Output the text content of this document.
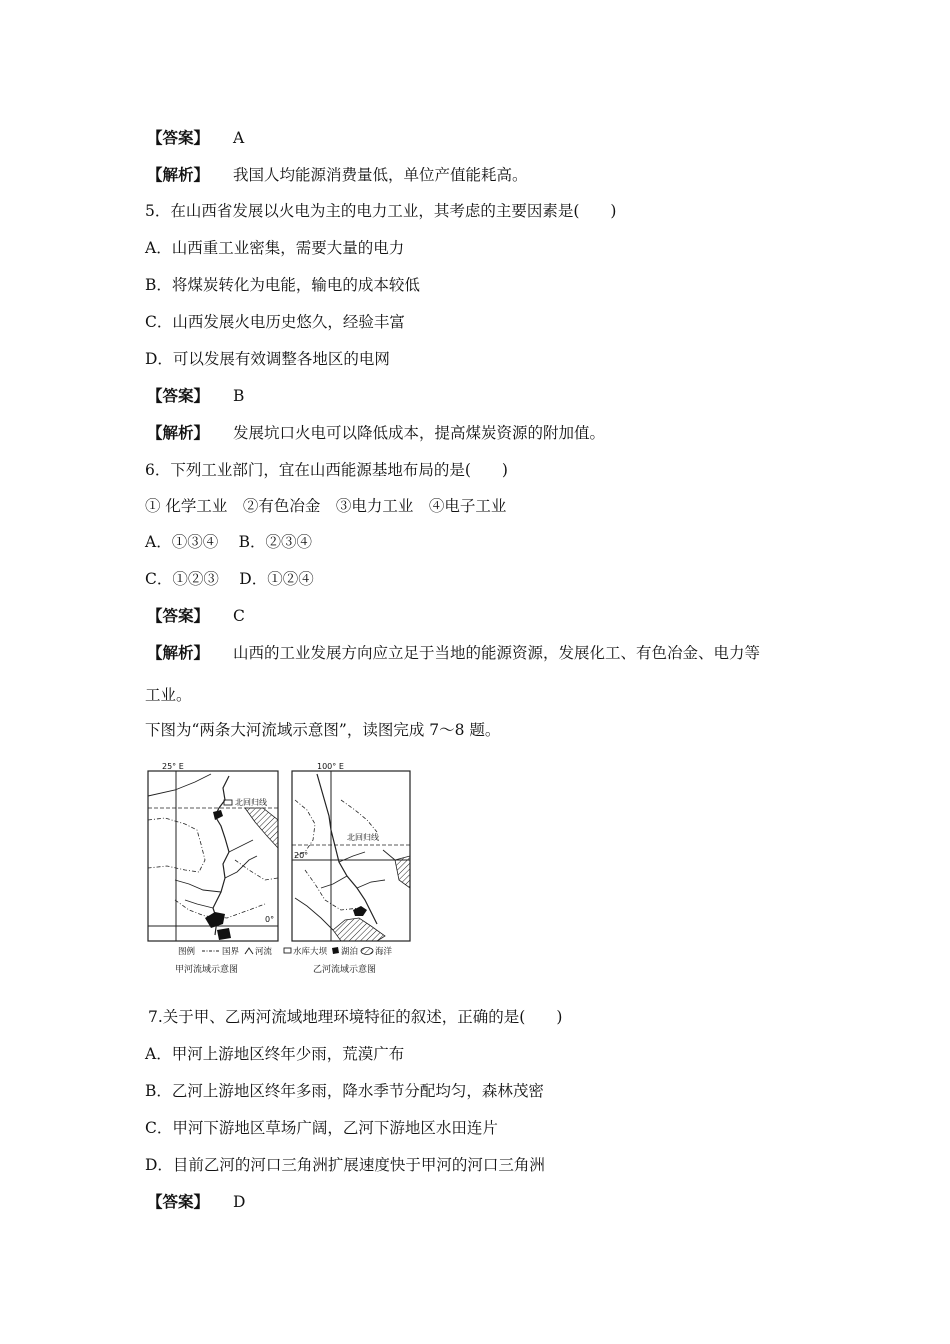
【答案】 A
【解析】 我国人均能源消费量低，单位产值能耗高。
5．在山西省发展以火电为主的电力工业，其考虑的主要因素是(　　)
A．山西重工业密集，需要大量的电力
B．将煤炭转化为电能，输电的成本较低
C．山西发展火电历史悠久，经验丰富
D．可以发展有效调整各地区的电网
【答案】 B
【解析】 发展坑口火电可以降低成本，提高煤炭资源的附加值。
6．下列工业部门，宜在山西能源基地布局的是(　　)
① 化学工业　②有色冶金　③电力工业　④电子工业
A．①③④　 B．②③④
C．①②③　 D．①②④
【答案】 C
【解析】 山西的工业发展方向应立足于当地的能源资源，发展化工、有色冶金、电力等
工业。
下图为“两条大河流域示意图”，读图完成 7～8 题。
25° E
北回归线
0°
甲河流域示意图
100° E
北回归线
20°
乙河流域示意图
图例	国界 河流 水库大坝 湖泊 海洋
7.关于甲、乙两河流域地理环境特征的叙述，正确的是(　　)
A．甲河上游地区终年少雨，荒漠广布
B．乙河上游地区终年多雨，降水季节分配均匀，森林茂密
C．甲河下游地区草场广阔，乙河下游地区水田连片
D．目前乙河的河口三角洲扩展速度快于甲河的河口三角洲
【答案】 D
